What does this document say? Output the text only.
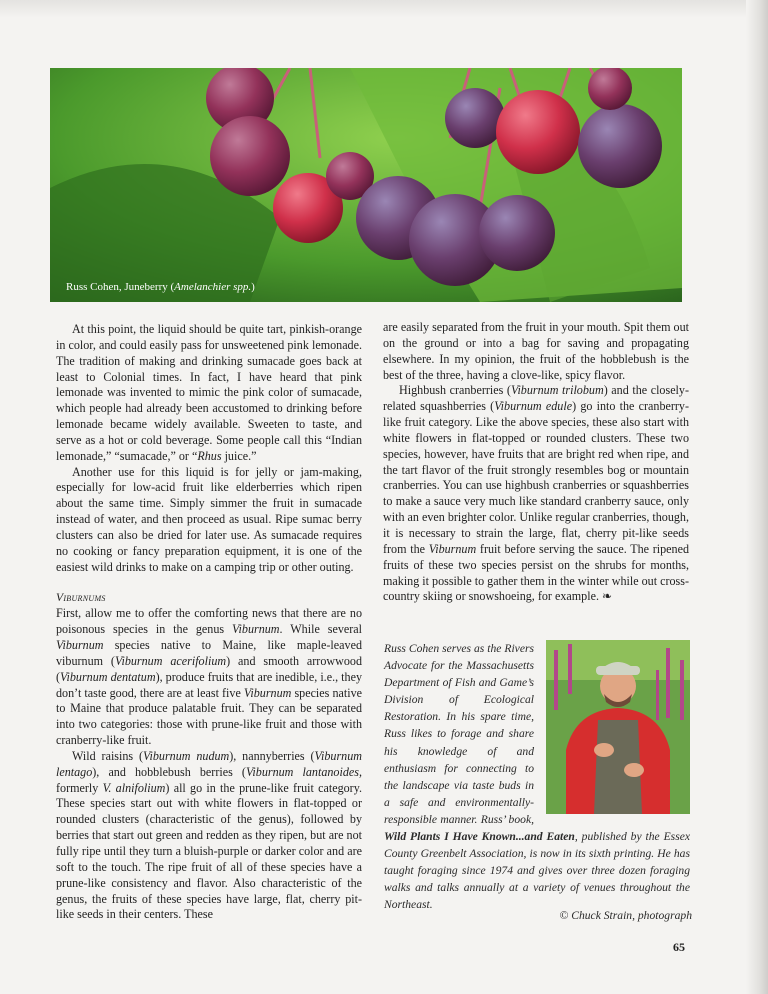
Russ Cohen, Juneberry (Amelanchier spp.)

At this point, the liquid should be quite tart, pinkish-orange in color, and could easily pass for unsweetened pink lemonade. The tradition of making and drinking sumacade goes back at least to Colonial times. In fact, I have heard that pink lemonade was invented to mimic the pink color of sumacade, which people had already been accustomed to drinking before lemonade became widely available. Sweeten to taste, and serve as a hot or cold beverage. Some people call this “Indian lemonade,” “sumacade,” or “Rhus juice.”

Another use for this liquid is for jelly or jam-making, especially for low-acid fruit like elderberries which ripen about the same time. Simply simmer the fruit in sumacade instead of water, and then proceed as usual. Ripe sumac berry clusters can also be dried for later use. As sumacade requires no cooking or fancy preparation equipment, it is one of the easiest wild drinks to make on a camping trip or other outing.

Viburnums

First, allow me to offer the comforting news that there are no poisonous species in the genus Viburnum. While several Viburnum species native to Maine, like maple-leaved viburnum (Viburnum acerifolium) and smooth arrowwood (Viburnum dentatum), produce fruits that are inedible, i.e., they don’t taste good, there are at least five Viburnum species native to Maine that produce palatable fruit. They can be separated into two categories: those with prune-like fruit and those with cranberry-like fruit.

Wild raisins (Viburnum nudum), nannyberries (Viburnum lentago), and hobblebush berries (Viburnum lantanoides, formerly V. alnifolium) all go in the prune-like fruit category. These species start out with white flowers in flat-topped or rounded clusters (characteristic of the genus), followed by berries that start out green and redden as they ripen, but are not fully ripe until they turn a bluish-purple or darker color and are soft to the touch. The ripe fruit of all of these species have a prune-like consistency and flavor. Also characteristic of the genus, the fruits of these species have large, flat, cherry pit-like seeds in their centers. These

are easily separated from the fruit in your mouth. Spit them out on the ground or into a bag for saving and propagating elsewhere. In my opinion, the fruit of the hobblebush is the best of the three, having a clove-like, spicy flavor.

Highbush cranberries (Viburnum trilobum) and the closely-related squashberries (Viburnum edule) go into the cranberry-like fruit category. Like the above species, these also start with white flowers in flat-topped or rounded clusters. These two species, however, have fruits that are bright red when ripe, and the tart flavor of the fruit strongly resembles bog or mountain cranberries. You can use highbush cranberries or squashberries to make a sauce very much like standard cranberry sauce, only with an even brighter color. Unlike regular cranberries, though, it is necessary to strain the large, flat, cherry pit-like seeds from the Viburnum fruit before serving the sauce. The ripened fruits of these two species persist on the shrubs for months, making it possible to gather them in the winter while out cross-country skiing or snowshoeing, for example. ❧

Russ Cohen serves as the Rivers Advocate for the Massachusetts Department of Fish and Game’s Division of Ecological Restoration. In his spare time, Russ likes to forage and share his knowledge of and enthusiasm for connecting to the landscape via taste buds in a safe and environmentally-responsible manner. Russ’ book, Wild Plants I Have Known...and Eaten, published by the Essex County Greenbelt Association, is now in its sixth printing. He has taught foraging since 1974 and gives over three dozen foraging walks and talks annually at a variety of venues throughout the Northeast.
© Chuck Strain, photograph
65
